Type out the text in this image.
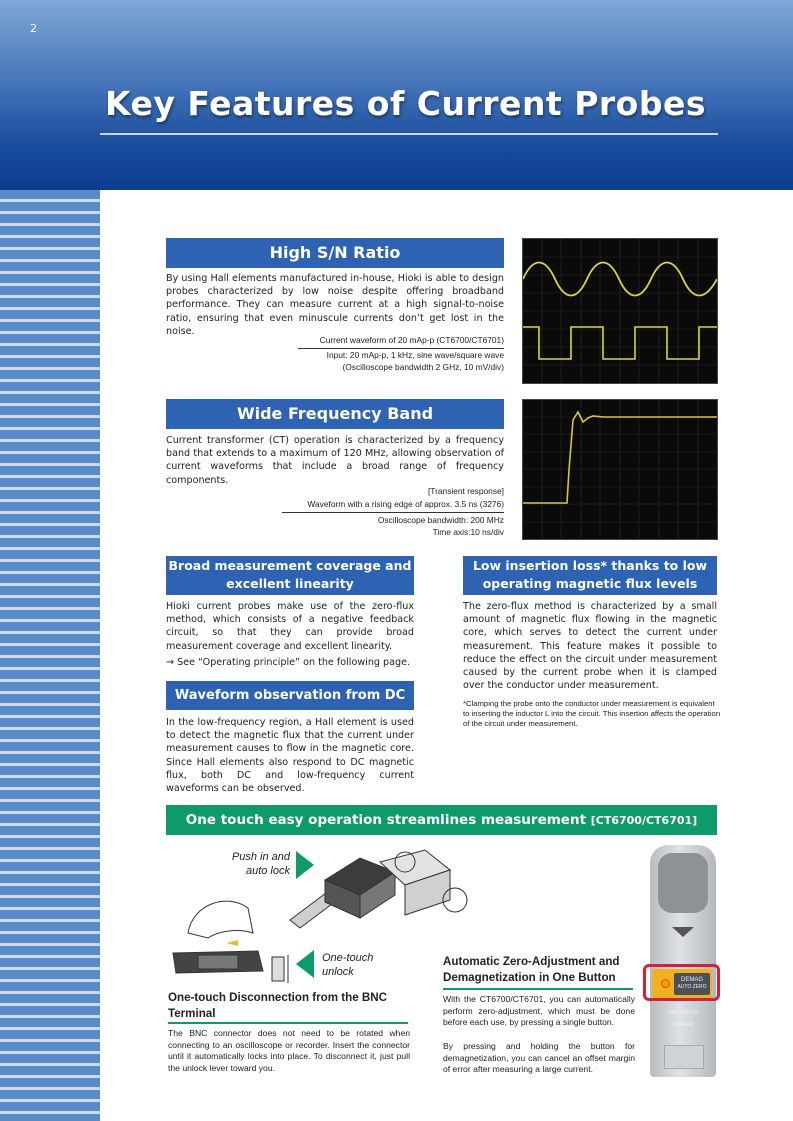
2
Key Features of Current Probes
High S/N Ratio
By using Hall elements manufactured in-house, Hioki is able to design probes characterized by low noise despite offering broadband performance. They can measure current at a high signal-to-noise ratio, ensuring that even minuscule currents don’t get lost in the noise.
Current waveform of 20 mAp-p (CT6700/CT6701)
Input: 20 mAp-p, 1 kHz, sine wave/square wave
(Oscilloscope bandwidth 2 GHz, 10 mV/div)
Wide Frequency Band
Current transformer (CT) operation is characterized by a frequency band that extends to a maximum of 120 MHz, allowing observation of current waveforms that include a broad range of frequency components.
[Transient response]
Waveform with a rising edge of approx. 3.5 ns (3276)
Oscilloscope bandwidth: 200 MHz
Time axis:10 ns/div
Broad measurement coverage and excellent linearity
Hioki current probes make use of the zero-flux method, which consists of a negative feedback circuit, so that they can provide broad measurement coverage and excellent linearity.
→ See “Operating principle” on the following page.
Waveform observation from DC
In the low-frequency region, a Hall element is used to detect the magnetic flux that the current under measurement causes to flow in the magnetic core. Since Hall elements also respond to DC magnetic flux, both DC and low-frequency current waveforms can be observed.
Low insertion loss* thanks to low operating magnetic flux levels
The zero-flux method is characterized by a small amount of magnetic flux flowing in the magnetic core, which serves to detect the current under measurement. This feature makes it possible to reduce the effect on the circuit under measurement caused by the current probe when it is clamped over the conductor under measurement.
*Clamping the probe onto the conductor under measurement is equivalent to inserting the inductor L into the circuit. This insertion affects the operation of the circuit under measurement.
One touch easy operation streamlines measurement [CT6700/CT6701]
Push in and
auto lock
One-touch
unlock
One-touch Disconnection from the BNC Terminal
The BNC connector does not need to be rotated when connecting to an oscilloscope or recorder. Insert the connector until it automatically locks into place. To disconnect it, just pull the unlock lever toward you.
Automatic Zero-Adjustment and Demagnetization in One Button
With the CT6700/CT6701, you can automatically perform zero-adjustment, which must be done before each use, by pressing a single button.
By pressing and holding the button for demagnetization, you can cancel an offset margin of error after measuring a large current.
DEMAG
AUTO ZERO
UNLOCKED
POWER
